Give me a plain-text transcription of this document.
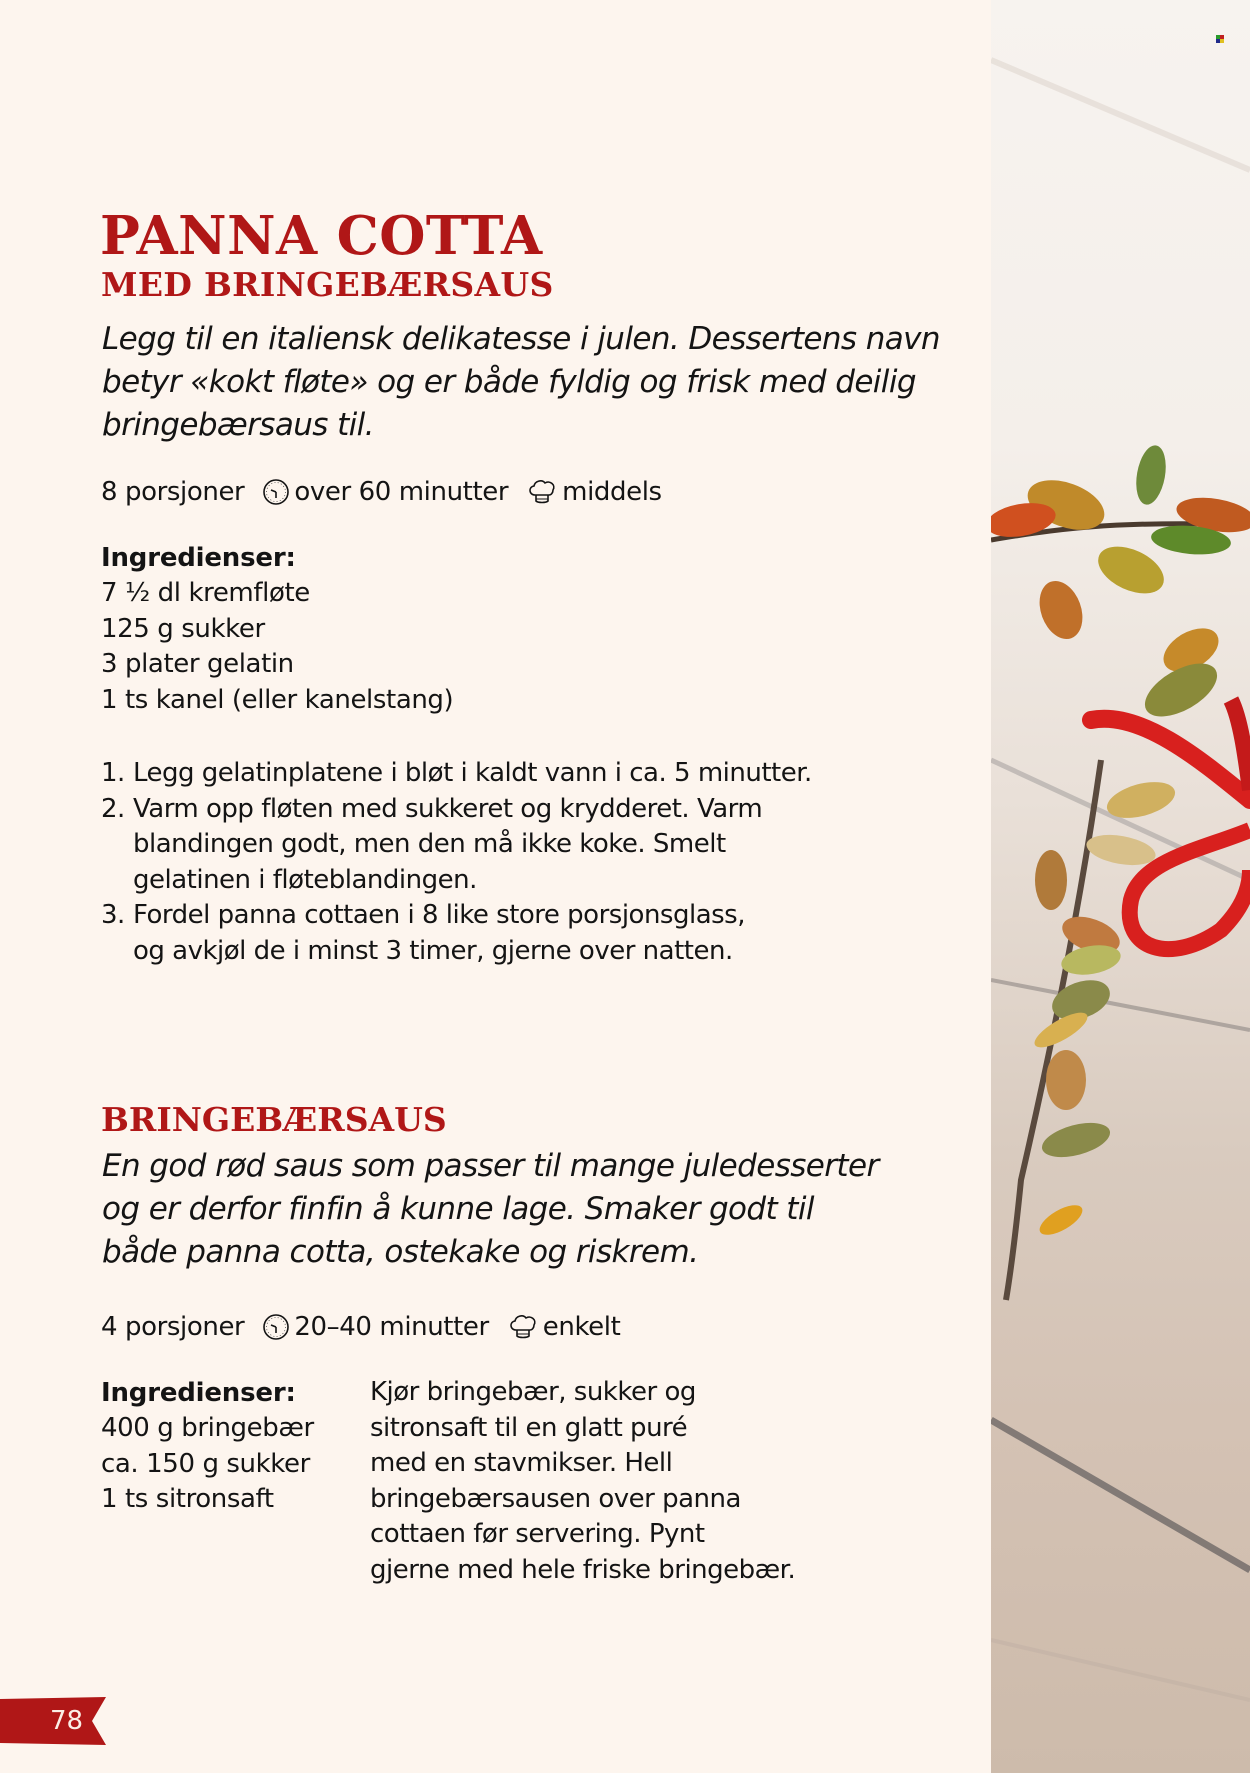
PANNA COTTA
MED BRINGEBÆRSAUS
Legg til en italiensk delikatesse i julen. Dessertens navn
betyr «kokt fløte» og er både fyldig og frisk med deilig
bringebærsaus til.
8 porsjoner over 60 minutter middels
Ingredienser:
7 ½ dl kremfløte
125 g sukker
3 plater gelatin
1 ts kanel (eller kanelstang)
1. Legg gelatinplatene i bløt i kaldt vann i ca. 5 minutter.
2. Varm opp fløten med sukkeret og krydderet. Varm
blandingen godt, men den må ikke koke. Smelt
gelatinen i fløteblandingen.
3. Fordel panna cottaen i 8 like store porsjonsglass,
og avkjøl de i minst 3 timer, gjerne over natten.
BRINGEBÆRSAUS
En god rød saus som passer til mange juledesserter
og er derfor finfin å kunne lage. Smaker godt til
både panna cotta, ostekake og riskrem.
4 porsjoner 20–40 minutter enkelt
Ingredienser:
400 g bringebær
ca. 150 g sukker
1 ts sitronsaft
Kjør bringebær, sukker og
sitronsaft til en glatt puré
med en stavmikser. Hell
bringebærsausen over panna
cottaen før servering. Pynt
gjerne med hele friske bringebær.
78
